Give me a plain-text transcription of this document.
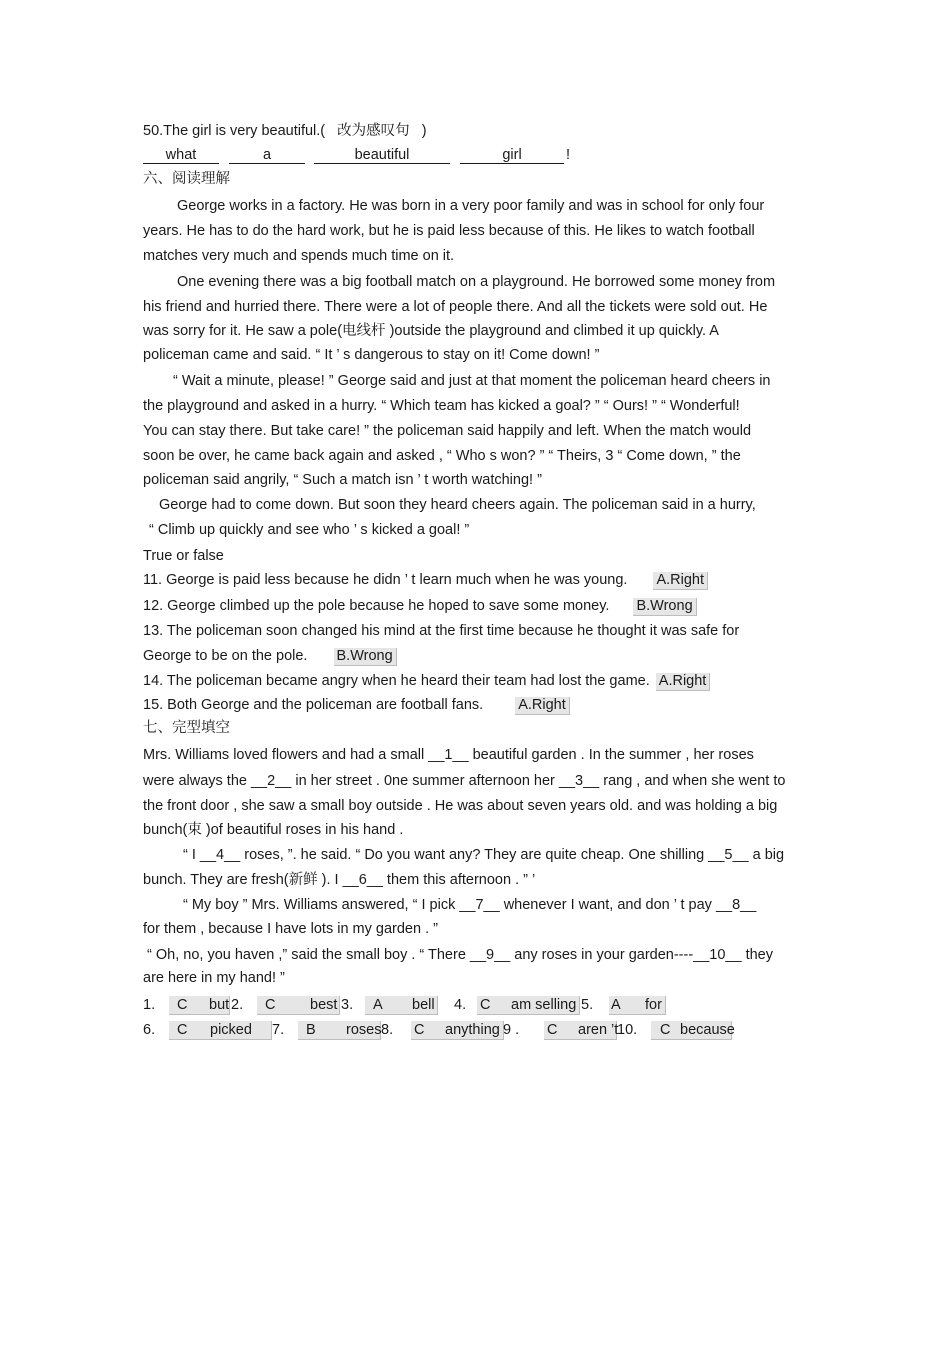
50.The girl is very beautiful.( 改为感叹句 )
what	a	beautiful	girl	!
六、阅读理解
George works in a factory. He was born in a very poor family and was in school for only four
years. He has to do the hard work, but he is paid less because of this. He likes to watch football
matches very much and spends much time on it.
One evening there was a big football match on a playground. He borrowed some money from
his friend and hurried there. There were a lot of people there. And all the tickets were sold out. He
was sorry for it. He saw a pole(电线杆 )outside the playground and climbed it up quickly. A
policeman came and said. “ It ’ s dangerous to stay on it! Come down! ”
“ Wait a minute, please! ” George said and just at that moment the policeman heard cheers in
the playground and asked in a hurry. “ Which team has kicked a goal? ” “ Ours! ” “ Wonderful!
You can stay there. But take care! ” the policeman said happily and left. When the match would
soon be over, he came back again and asked , “ Who s won? ” “ Theirs, 3 “ Come down, ” the
policeman said angrily, “ Such a match isn ’ t worth watching! ”
George had to come down. But soon they heard cheers again. The policeman said in a hurry,
“ Climb up quickly and see who ’ s kicked a goal! ”
True or false
11. George is paid less because he didn ’ t learn much when he was young. A.Right
12. George climbed up the pole because he hoped to save some money. B.Wrong
13. The policeman soon changed his mind at the first time because he thought it was safe for
George to be on the pole. B.Wrong
14. The policeman became angry when he heard their team had lost the game. A.Right
15. Both George and the policeman are football fans. A.Right
七、完型填空
Mrs. Williams loved flowers and had a small __1__ beautiful garden . In the summer , her roses
were always the __2__ in her street . 0ne summer afternoon her __3__ rang , and when she went to
the front door , she saw a small boy outside . He was about seven years old. and was holding a big
bunch(束 )of beautiful roses in his hand .
“ I __4__ roses, ”. he said. “ Do you want any? They are quite cheap. One shilling __5__ a big
bunch. They are fresh(新鲜 ). I __6__ them this afternoon . ” ’
“ My boy ” Mrs. Williams answered, “ I pick __7__ whenever I want, and don ’ t pay __8__
for them , because I have lots in my garden . ”
“ Oh, no, you haven ,” said the small boy . “ There __9__ any roses in your garden----__10__ they
are here in my hand! ”
1. C but 2. C best 3. A bell 4. C am selling 5. A for
6. C picked 7. B roses 8. C anything 9 . C aren ’t
10. C because
